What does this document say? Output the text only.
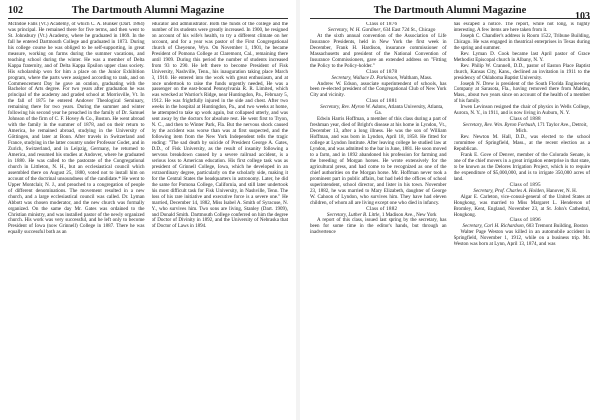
102	The Dartmouth Alumni Magazine

McIndoe Falls (Vt.) Academy, of which C. A. Bunker (Dart. 1864) was principal. He remained there for five terms, and then went to St. Johnsbury (Vt.) Academy, where he graduated in 1869. In the fall he entered Dartmouth College and graduated in 1873. During his college course he was obliged to be self-supporting, in great measure, working on farms during the summer vacations, and teaching school during the winter. He was a member of Delta Kappa fraternity, and of Delta Kappa Epsilon upper class society. His scholarship won for him a place on the Junior Exhibition program, where the parts were assigned according to rank, and on Commencement Day he gave an oration, graduating with the Bachelor of Arts degree. For two years after graduation he was principal of the academy and graded school at Morrisville, Vt. In the fall of 1875 he entered Andover Theological Seminary, remaining there for two years. During the summer and winter following his second year he preached in the family of Dr. Samuel Johnson of the firm of C. F. Hovey & Co., Boston. He went abroad with the family in the summer of 1878, and on their return to America, he remained abroad, studying in the University of Göttingen, and later at Bonn. After travels in Switzerland and France, studying in the latter country under Professor Godet, and in Zurich, Switzerland, and in Leipzig, Germany, he returned to America, and resumed his studies at Andover, where he graduated in 1880. He was called to the pastorate of the Congregational church in Littleton, N. H., but an ecclesiastical council which assembled there on August 25, 1880, voted not to install him on account of the doctrinal unsoundness of the candidate.* He went to Upper Montclair, N. J., and preached to a congregation of people of different denominations. The movement resulted in a new church, and a large ecclesiastical council was called. Dr. Lyman Abbott was chosen moderator, and the new church was formally organized. On the same day Mr. Gates was ordained to the Christian ministry, and was installed pastor of the newly organized church. His work was very successful, and he left only to become President of Iowa (now Grinnell) College in 1887. There he was equally successful both as an

educator and administrator. Both the funds of the college and the number of its students were greatly increased. In 1900, he resigned on account of his wife's health, to try a different climate on her account, and for a year was pastor of the First Congregational church of Cheyenne, Wyo. On November 1, 1901, he became President of Pomona College at Claremont, Cal., remaining there until 1909. During this period the number of students increased from 93 to 290. He left there to become President of Fisk University, Nashville, Tenn., his inauguration taking place March 3, 1910. He entered into the work with great enthusiasm, and at once undertook to raise the funds urgently needed, He was a passenger on the east-bound Pennsylvania R. R. Limited, which was wrecked at Warrior's Ridge, near Huntingdon, Pa., February 5, 1912. He was frightfully injured in the side and chest. After two weeks in the hospital at Huntingdon, Pa., and two weeks at home, he attempted to take up work again, but collapsed utterly, and was sent away by the doctors for absolute rest. He went first to Tryon, N. C., and then to Winter Park, Fla. But the nervous shock caused by the accident was worse than was at first suspected, and the following item from the New York Independent tells the tragic ending: "The sad death by suicide of President George A. Gates, D.D., of Fisk University, as the result of insanity following a nervous breakdown caused by a severe railroad accident, is a serious loss to American education. His first college task was as president of Grinnell College, Iowa, which he developed in an extraordinary degree, particularly on the scholarly side, making it for the Central States the headquarters in astronomy. Later, he did the same for Pomona College, California, and still later undertook his most difficult task for Fisk University, in Nashville, Tenn. The loss of his rare initiative and executive force is a severe one." He married, December 14, 1882, Miss Isabel A. Smith of Syracuse, N. Y., who survives him. Two sons are living, Stanley (Dart. 1909), and Donald Smith. Dartmouth College conferred on him the degree of Doctor of Divinity in 1892, and the University of Nebraska that of Doctor of Laws in 1894.

The Dartmouth Alumni Magazine
103

Class of 1876

Secretary, W. H. Gardiner, 634 East 72d St., Chicago

At the sixth annual convention of the Association of Life Insurance Presidents, held in New York the first week in December, Frank H. Hardison, insurance commissioner of Massachusetts and president of the National Convention of Insurance Commissioners, gave an extended address on "Fitting the Policy to the Policy-holder."

Class of 1878

Secretary, Wallace D. Parkinson, Waltham, Mass.

Andrew W. Edson, associate superintendent of schools, has been re-elected president of the Congregational Club of New York City and vicinity.

Class of 1881

Secretary, Rev. Myron W. Adams, Atlanta University, Atlanta, Ga.

Edwin Harris Hoffman, a member of this class during a part of freshman year, died of Bright's disease at his home in Lyndon, Vt., December 13, after a long illness. He was the son of William Hoffman, and was born in Lyndon, April 18, 1858. He fitted for college at Lyndon Institute. After leaving college he studied law at Lyndon, and was admitted to the bar in June, 1881. He soon moved to a farm, and in 1892 abandoned his profession for farming and the breeding of Morgan horses. He wrote extensively for the agricultural press, and had come to be recognized as one of the chief authorities on the Morgan horse. Mr. Hoffman never took a prominent part in public affairs, but had held the offices of school superintendent, school director, and lister in his town. November 23, 1882, he was married to Mary Elizabeth, daughter of George W. Cahoon of Lyndon, who survives him. They have had eleven children, of whom all are living except one who died in infancy.

Class of 1882

Secretary, Luther B. Little, 1 Madison Ave., New York

A report of this class, issued last spring by the secretary, has been for some time in the editor's hands, but through an inadvertence

has escaped a notice. The report, while not long, is highly interesting. A few items are here taken from it.

Joseph C. Chandler's address is Room 1522, Tribune Building, Chicago. He was engaged in theatrical enterprises in Texas during the spring and summer.

Rev. Lyman D. Cook became last April pastor of Grace Methodist Episcopal church in Albany, N. Y.

Rev. Philip W. Crannell, D.D., pastor of Easton Place Baptist church, Kansas City, Kans., declined an invitation in 1911 to the presidency of Oklahoma Baptist University.

Joseph N. Drew is president of the South Florida Engineering Company at Sarasota, Fla., having removed there from Malden, Mass., about two years since on account of the health of a member of his family.

Irwen Levinson resigned the chair of physics in Wells College, Aurora, N. Y., in 1911, and is now living in Auburn, N. Y.

Class of 1888

Secretary, Rev. Wm. Byron Forbush, 171 Taylor Ave., Detroit, Mich.

Rev. Newton M. Hall, D.D., was elected to the school committee of Springfield, Mass., at the recent election as a Republican.

Frank E. Gove of Denver, member of the Colorado Senate, is one of the chief movers in a great irrigation enterprise in that state, to be known as the Delores Irrigation Project, which is to require the expenditure of $5,000,000, and is to irrigate 350,000 acres of land.

Class of 1895

Secretary, Prof. Charles A. Holden, Hanover, N. H.

Algar E. Carleton, vice-consul-general of the United States at Hongkong, was married to Miss Margaret L. Henderson of Bromley, Kent, England, November 23, at St. John's Cathedral, Hongkong.

Class of 1896

Secretary, Carl H. Richardson, 603 Tremont Building, Boston

Walter Page Weston was killed in an automobile accident in Springfield, November 1, 1912, while on a business trip. Mr. Weston was born at Lynn, April 13, 1874, and was
